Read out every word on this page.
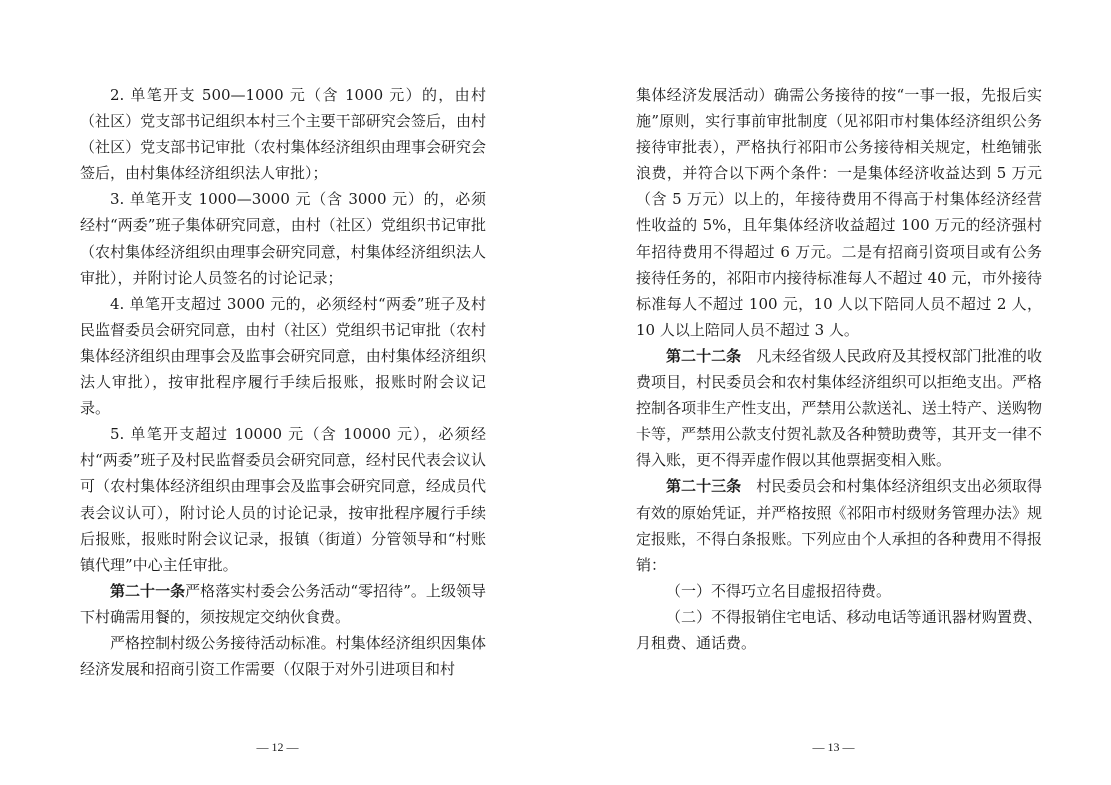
2. 单笔开支 500—1000 元（含 1000 元）的，由村（社区）党支部书记组织本村三个主要干部研究会签后，由村（社区）党支部书记审批（农村集体经济组织由理事会研究会签后，由村集体经济组织法人审批）；

3. 单笔开支 1000—3000 元（含 3000 元）的，必须经村“两委”班子集体研究同意，由村（社区）党组织书记审批（农村集体经济组织由理事会研究同意，村集体经济组织法人审批），并附讨论人员签名的讨论记录；

4. 单笔开支超过 3000 元的，必须经村“两委”班子及村民监督委员会研究同意，由村（社区）党组织书记审批（农村集体经济组织由理事会及监事会研究同意，由村集体经济组织法人审批），按审批程序履行手续后报账，报账时附会议记录。

5. 单笔开支超过 10000 元（含 10000 元），必须经村“两委”班子及村民监督委员会研究同意，经村民代表会议认可（农村集体经济组织由理事会及监事会研究同意，经成员代表会议认可），附讨论人员的讨论记录，按审批程序履行手续后报账，报账时附会议记录，报镇（街道）分管领导和“村账镇代理”中心主任审批。

第二十一条严格落实村委会公务活动“零招待”。上级领导下村确需用餐的，须按规定交纳伙食费。

严格控制村级公务接待活动标准。村集体经济组织因集体经济发展和招商引资工作需要（仅限于对外引进项目和村

— 12 —

集体经济发展活动）确需公务接待的按“一事一报，先报后实施”原则，实行事前审批制度（见祁阳市村集体经济组织公务接待审批表），严格执行祁阳市公务接待相关规定，杜绝铺张浪费，并符合以下两个条件：一是集体经济收益达到 5 万元（含 5 万元）以上的，年接待费用不得高于村集体经济经营性收益的 5%，且年集体经济收益超过 100 万元的经济强村年招待费用不得超过 6 万元。二是有招商引资项目或有公务接待任务的，祁阳市内接待标准每人不超过 40 元，市外接待标准每人不超过 100 元，10 人以下陪同人员不超过 2 人，10 人以上陪同人员不超过 3 人。

第二十二条　 凡未经省级人民政府及其授权部门批准的收费项目，村民委员会和农村集体经济组织可以拒绝支出。严格控制各项非生产性支出，严禁用公款送礼、送土特产、送购物卡等，严禁用公款支付贺礼款及各种赞助费等，其开支一律不得入账，更不得弄虚作假以其他票据变相入账。

第二十三条　 村民委员会和村集体经济组织支出必须取得有效的原始凭证，并严格按照《祁阳市村级财务管理办法》规定报账，不得白条报账。下列应由个人承担的各种费用不得报销：

（一）不得巧立名目虚报招待费。

（二）不得报销住宅电话、移动电话等通讯器材购置费、月租费、通话费。

— 13 —
